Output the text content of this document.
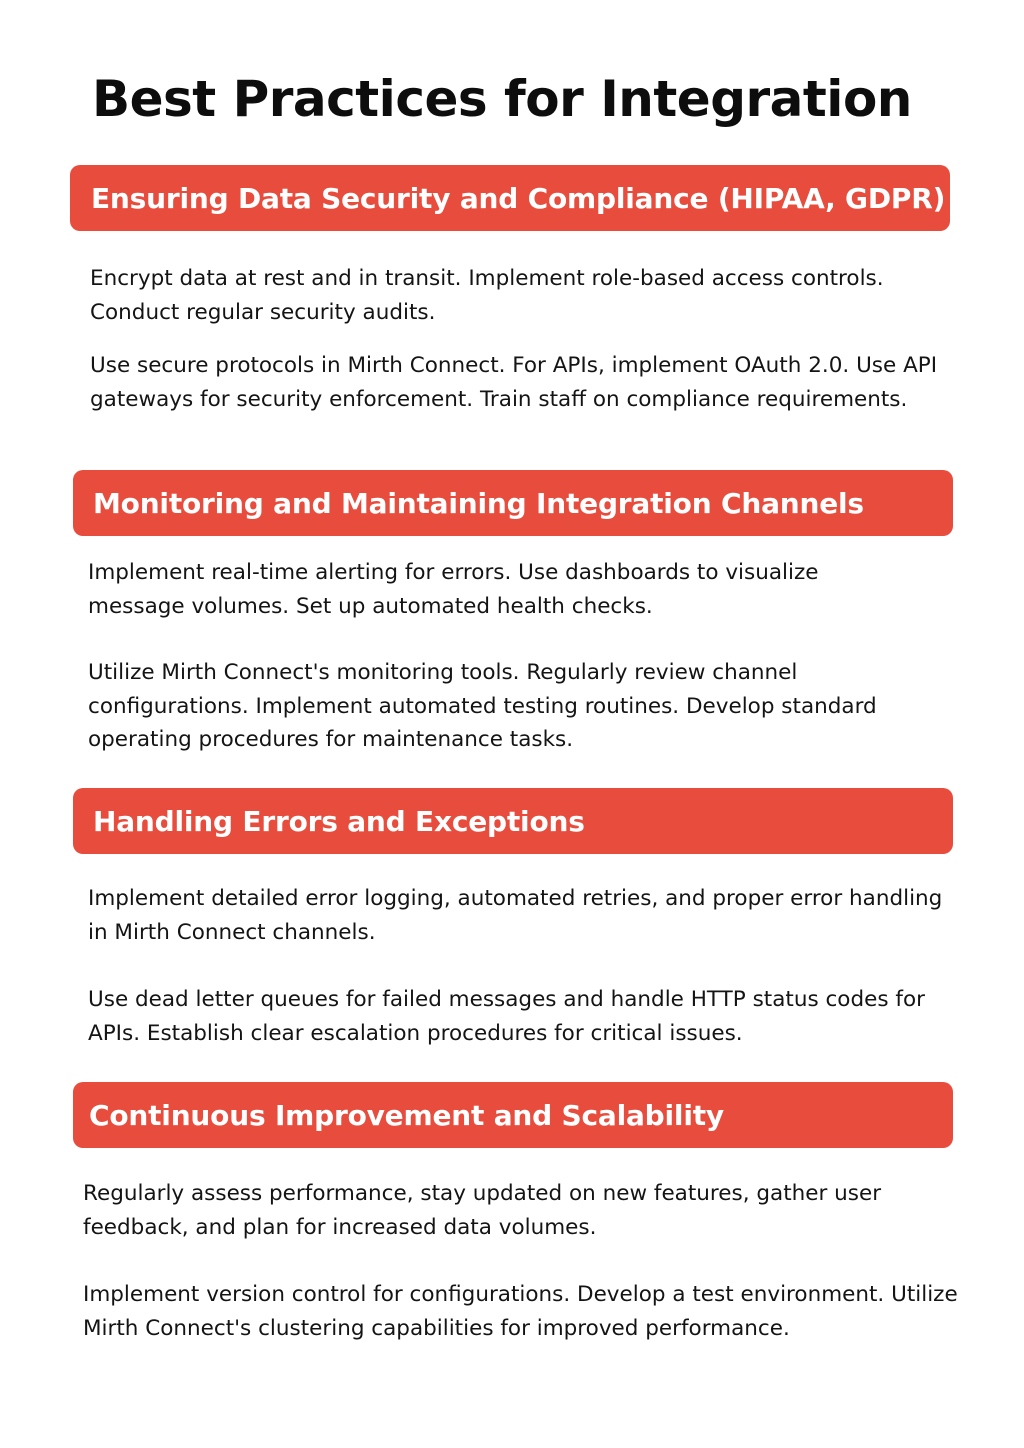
Best Practices for Integration
Ensuring Data Security and Compliance (HIPAA, GDPR)

Encrypt data at rest and in transit. Implement role-based access controls. Conduct regular security audits.

Use secure protocols in Mirth Connect. For APIs, implement OAuth 2.0. Use API gateways for security enforcement. Train staff on compliance requirements.

Monitoring and Maintaining Integration Channels

Implement real-time alerting for errors. Use dashboards to visualize message volumes. Set up automated health checks.

Utilize Mirth Connect's monitoring tools. Regularly review channel configurations. Implement automated testing routines. Develop standard operating procedures for maintenance tasks.

Handling Errors and Exceptions

Implement detailed error logging, automated retries, and proper error handling in Mirth Connect channels.

Use dead letter queues for failed messages and handle HTTP status codes for APIs. Establish clear escalation procedures for critical issues.

Continuous Improvement and Scalability

Regularly assess performance, stay updated on new features, gather user feedback, and plan for increased data volumes.

Implement version control for configurations. Develop a test environment. Utilize Mirth Connect's clustering capabilities for improved performance.
